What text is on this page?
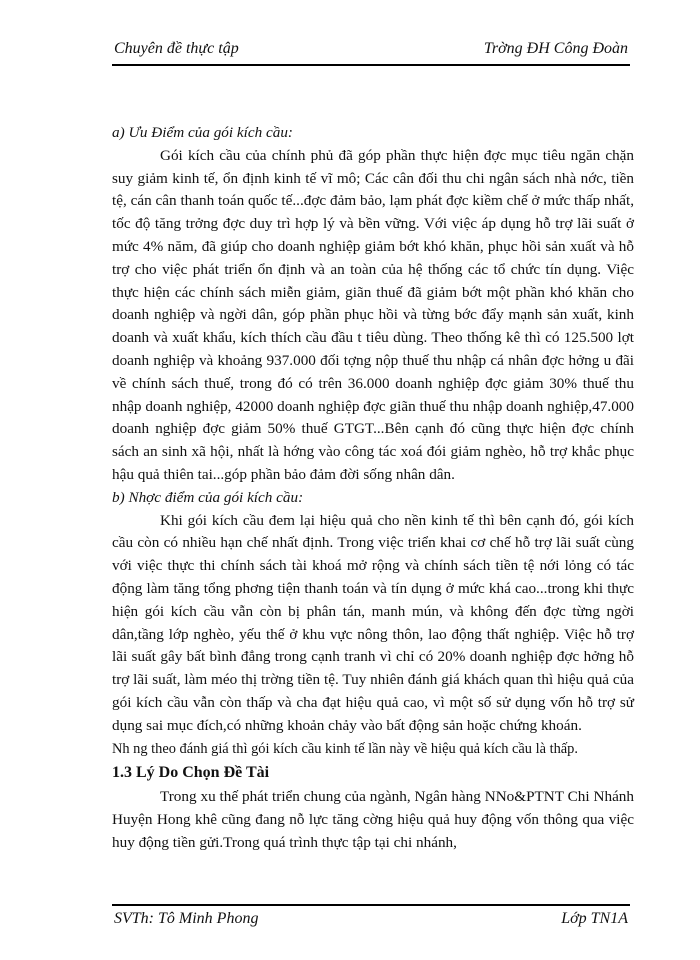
Chuyên đề thực tập	Trờng ĐH Công Đoàn

a) Ưu Điểm của gói kích cầu:

Gói kích cầu của chính phủ đã góp phần thực hiện đợc mục tiêu ngăn chặn suy giảm kinh tế, ổn định kinh tế vĩ mô; Các cân đối thu chi ngân sách nhà nớc, tiền tệ, cán cân thanh toán quốc tế...đợc đảm bảo, lạm phát đợc kiềm chế ở mức thấp nhất, tốc độ tăng trởng đợc duy trì hợp lý và bền vững. Với việc áp dụng hỗ trợ lãi suất ở mức 4% năm, đã giúp cho doanh nghiệp giảm bớt khó khăn, phục hồi sản xuất và hỗ trợ cho việc phát triển ổn định và an toàn của hệ thống các tổ chức tín dụng. Việc thực hiện các chính sách miễn giảm, giãn thuế đã giảm bớt một phần khó khăn cho doanh nghiệp và ngời dân, góp phần phục hồi và từng bớc đẩy mạnh sản xuất, kinh doanh và xuất khẩu, kích thích cầu đầu t tiêu dùng. Theo thống kê thì có 125.500 lợt doanh nghiệp và khoảng 937.000 đối tợng nộp thuế thu nhập cá nhân đợc hởng u đãi về chính sách thuế, trong đó có trên 36.000 doanh nghiệp đợc giảm 30% thuế thu nhập doanh nghiệp, 42000 doanh nghiệp đợc giãn thuế thu nhập doanh nghiệp,47.000 doanh nghiệp đợc giảm 50% thuế GTGT...Bên cạnh đó cũng thực hiện đợc chính sách an sinh xã hội, nhất là hớng vào công tác xoá đói giảm nghèo, hỗ trợ khắc phục hậu quả thiên tai...góp phần bảo đảm đời sống nhân dân.

b) Nhợc điểm của gói kích cầu:

Khi gói kích cầu đem lại hiệu quả cho nền kinh tế thì bên cạnh đó, gói kích cầu còn có nhiều hạn chế nhất định. Trong việc triển khai cơ chế hỗ trợ lãi suất cùng với việc thực thi chính sách tài khoá mở rộng và chính sách tiền tệ nới lỏng có tác động làm tăng tổng phơng tiện thanh toán và tín dụng ở mức khá cao...trong khi thực hiện gói kích cầu vẫn còn bị phân tán, manh mún, và không đến đợc từng ngời dân,tầng lớp nghèo, yếu thế ở khu vực nông thôn, lao động thất nghiệp. Việc hỗ trợ lãi suất gây bất bình đẳng trong cạnh tranh vì chỉ có 20% doanh nghiệp đợc hởng hỗ trợ lãi suất, làm méo thị trờng tiền tệ. Tuy nhiên đánh giá khách quan thì hiệu quả của gói kích cầu vẫn còn thấp và cha đạt hiệu quả cao, vì một số sử dụng vốn hỗ trợ sử dụng sai mục đích,có những khoản chảy vào bất động sản hoặc chứng khoán.

Nh ng theo đánh giá thì gói kích cầu kinh tế lần này về hiệu quả kích cầu là thấp.

1.3 Lý Do Chọn Đề Tài

Trong xu thế phát triển chung của ngành, Ngân hàng NNo&PTNT Chi Nhánh Huyện Hong khê cũng đang nỗ lực tăng cờng hiệu quả huy động vốn thông qua việc huy động tiền gửi.Trong quá trình thực tập tại chi nhánh,

SVTh: Tô Minh Phong	Lớp TN1A
